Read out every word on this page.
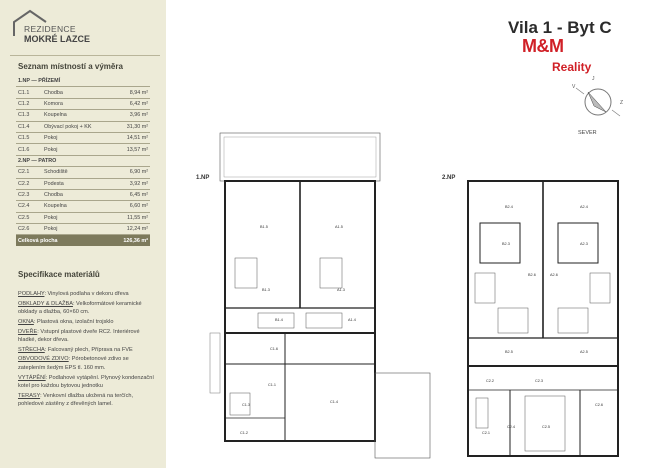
REZIDENCE
MOKRÉ LAZCE
Seznam místností a výměra
1.NP — PŘÍZEMÍ		
C1.1	Chodba	8,94 m²
C1.2	Komora	6,42 m²
C1.3	Koupelna	3,96 m²
C1.4	Obývací pokoj + KK	31,30 m²
C1.5	Pokoj	14,51 m²
C1.6	Pokoj	13,57 m²
2.NP — PATRO		
C2.1	Schodiště	6,90 m²
C2.2	Podesta	3,92 m²
C2.3	Chodba	6,45 m²
C2.4	Koupelna	6,60 m²
C2.5	Pokoj	11,55 m²
C2.6	Pokoj	12,24 m²
Celková plocha		126,36 m²
Specifikace materiálů

PODLAHY: Vinylová podlaha v dekoru dřeva

OBKLADY & DLAŽBA: Velkoformátové keramické obklady a dlažba, 60×60 cm.

OKNA: Plastová okna, izolační trojsklo

DVEŘE: Vstupní plastové dveře RC2. Interiérové hladké, dekor dřeva.

STŘECHA: Falcovaný plech, Příprava na FVE

OBVODOVÉ ZDIVO: Pórobetonové zdivo se zateplením šedým EPS tl. 160 mm.

VYTÁPĚNÍ: Podlahové vytápění. Plynový kondenzační kotel pro každou bytovou jednotku

TERASY: Venkovní dlažba uložená na terčích, pohledové zástěny z dřevěných lamel.

Vila 1 - Byt C
M&M
Reality
V
J
Z
SEVER
B1.5	A1.5
B1.3	A1.3
B1.4	A1.4
C1.6
C1.1
C1.4
C1.3
C1.2
B2.4	A2.4
B2.3	A2.3
B2.5	A2.5
B2.6	A2.6
C2.2	C2.3
C2.1
C2.4	C2.5
C2.6
1.NP	2.NP
